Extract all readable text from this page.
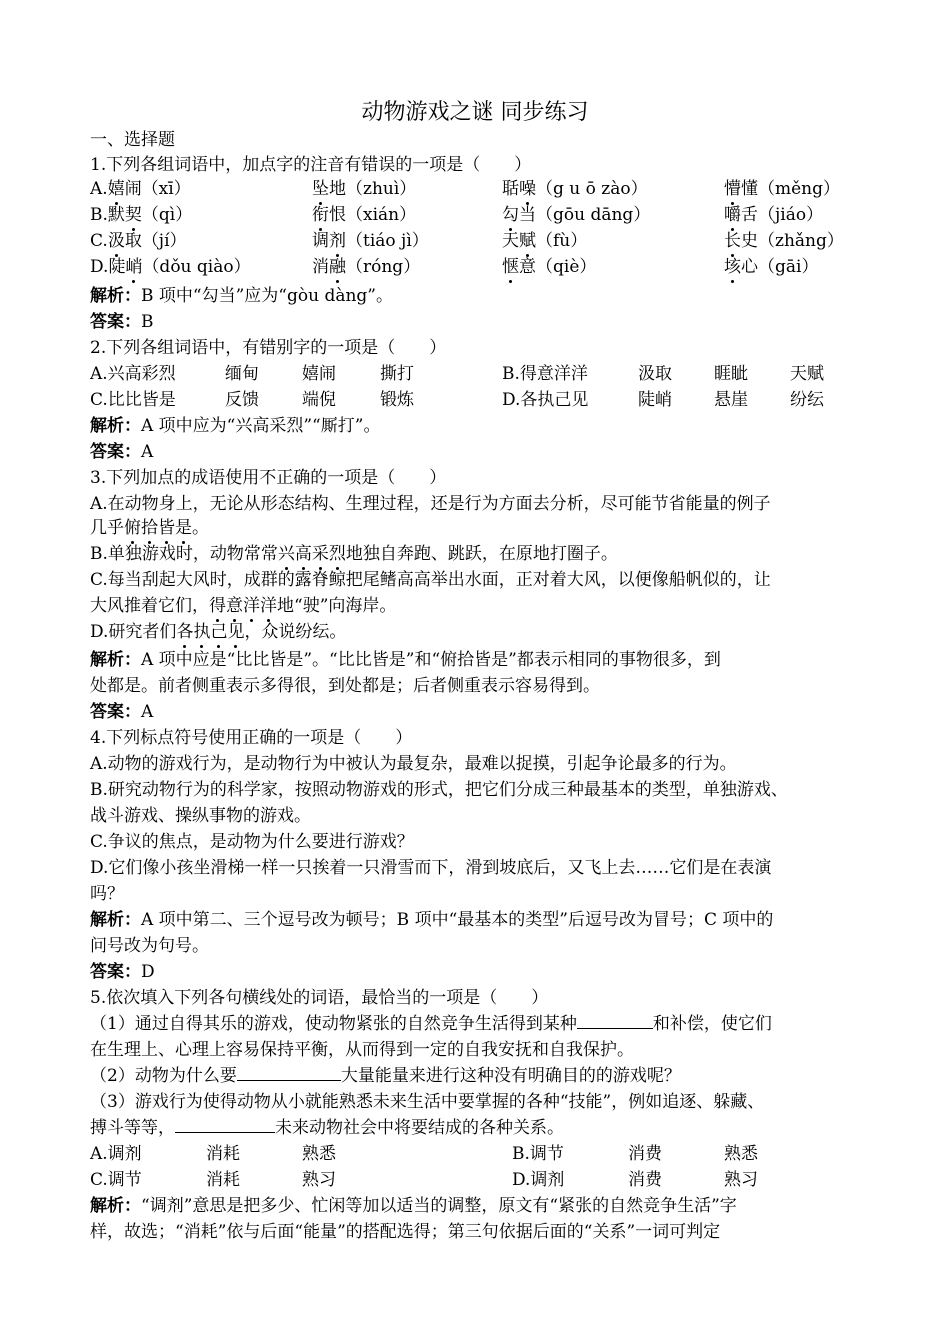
动物游戏之谜 同步练习
一、选择题
1.下列各组词语中，加点字的注音有错误的一项是（　　）
A.嬉闹（xī）	坠地（zhuì）	聒噪（g u ō zào）	懵懂（měng）
B.默契（qì）	衔恨（xián）	勾当（gōu dāng）	嚼舌（jiáo）
C.汲取（jí）	调剂（tiáo jì）	天赋（fù）	长史（zhǎng）
D.陡峭（dǒu qiào）	消融（róng）	惬意（qiè）	垓心（gāi）
解析：B 项中“勾当”应为“gòu dàng”。
答案：B
2.下列各组词语中，有错别字的一项是（　　）
A.兴高彩烈	缅甸	嬉闹	撕打	B.得意洋洋	汲取 睚眦 天赋
C.比比皆是	反馈	端倪	锻炼	D.各执己见	陡峭 悬崖 纷纭
解析：A 项中应为“兴高采烈”“厮打”。
答案：A
3.下列加点的成语使用不正确的一项是（　　）
A.在动物身上，无论从形态结构、生理过程，还是行为方面去分析，尽可能节省能量的例子
几乎俯拾皆是。
B.单独游戏时，动物常常兴高采烈地独自奔跑、跳跃，在原地打圈子。
C.每当刮起大风时，成群的露脊鲸把尾鳍高高举出水面，正对着大风，以便像船帆似的，让
大风推着它们，得意洋洋地“驶”向海岸。
D.研究者们各执己见，众说纷纭。
解析：A 项中应是“比比皆是”。“比比皆是”和“俯拾皆是”都表示相同的事物很多，到
处都是。前者侧重表示多得很，到处都是；后者侧重表示容易得到。
答案：A
4.下列标点符号使用正确的一项是（　　）
A.动物的游戏行为，是动物行为中被认为最复杂，最难以捉摸，引起争论最多的行为。
B.研究动物行为的科学家，按照动物游戏的形式，把它们分成三种最基本的类型，单独游戏、
战斗游戏、操纵事物的游戏。
C.争议的焦点，是动物为什么要进行游戏？
D.它们像小孩坐滑梯一样一只挨着一只滑雪而下，滑到坡底后，又飞上去……它们是在表演
吗？
解析：A 项中第二、三个逗号改为顿号；B 项中“最基本的类型”后逗号改为冒号；C 项中的
问号改为句号。
答案：D
5.依次填入下列各句横线处的词语，最恰当的一项是（　　）
（1）通过自得其乐的游戏，使动物紧张的自然竞争生活得到某种	和补偿，使它们
在生理上、心理上容易保持平衡，从而得到一定的自我安抚和自我保护。
（2）动物为什么要	大量能量来进行这种没有明确目的的游戏呢？
（3）游戏行为使得动物从小就能熟悉未来生活中要掌握的各种“技能”，例如追逐、躲藏、
搏斗等等，	未来动物社会中将要结成的各种关系。
A.调剂	消耗	熟悉	B.调节	消费	熟悉
C.调节	消耗	熟习	D.调剂	消费	熟习
解析：“调剂”意思是把多少、忙闲等加以适当的调整，原文有“紧张的自然竞争生活”字
样，故选；“消耗”依与后面“能量”的搭配选得；第三句依据后面的“关系”一词可判定
